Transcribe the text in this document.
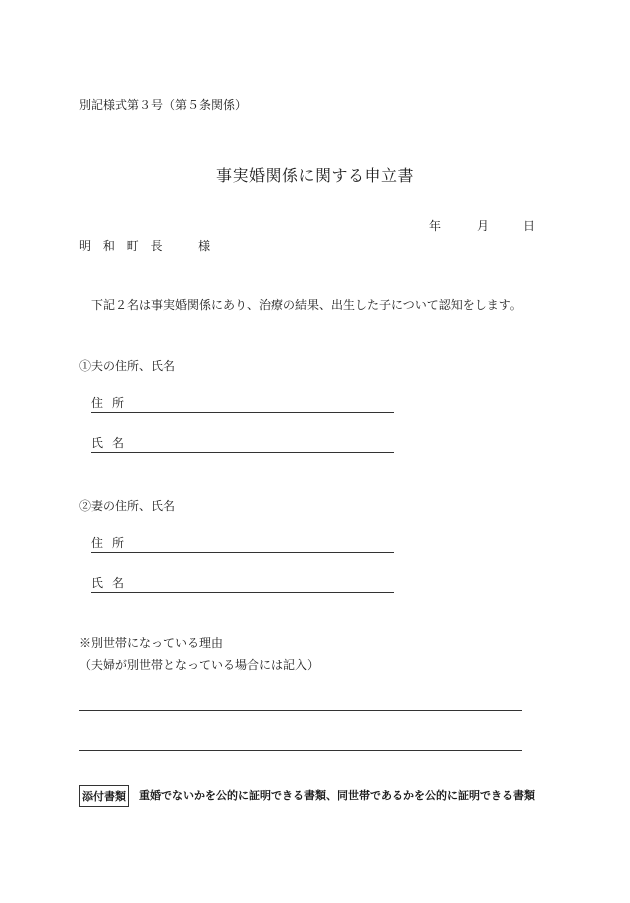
別記様式第３号（第５条関係）
事実婚関係に関する申立書
年	月	日
明 和 町 長 　 様
下記２名は事実婚関係にあり、治療の結果、出生した子について認知をします。
①夫の住所、氏名
住所
氏名
②妻の住所、氏名
住所
氏名
※別世帯になっている理由
（夫婦が別世帯となっている場合には記入）
添付書類 重婚でないかを公的に証明できる書類、同世帯であるかを公的に証明できる書類
